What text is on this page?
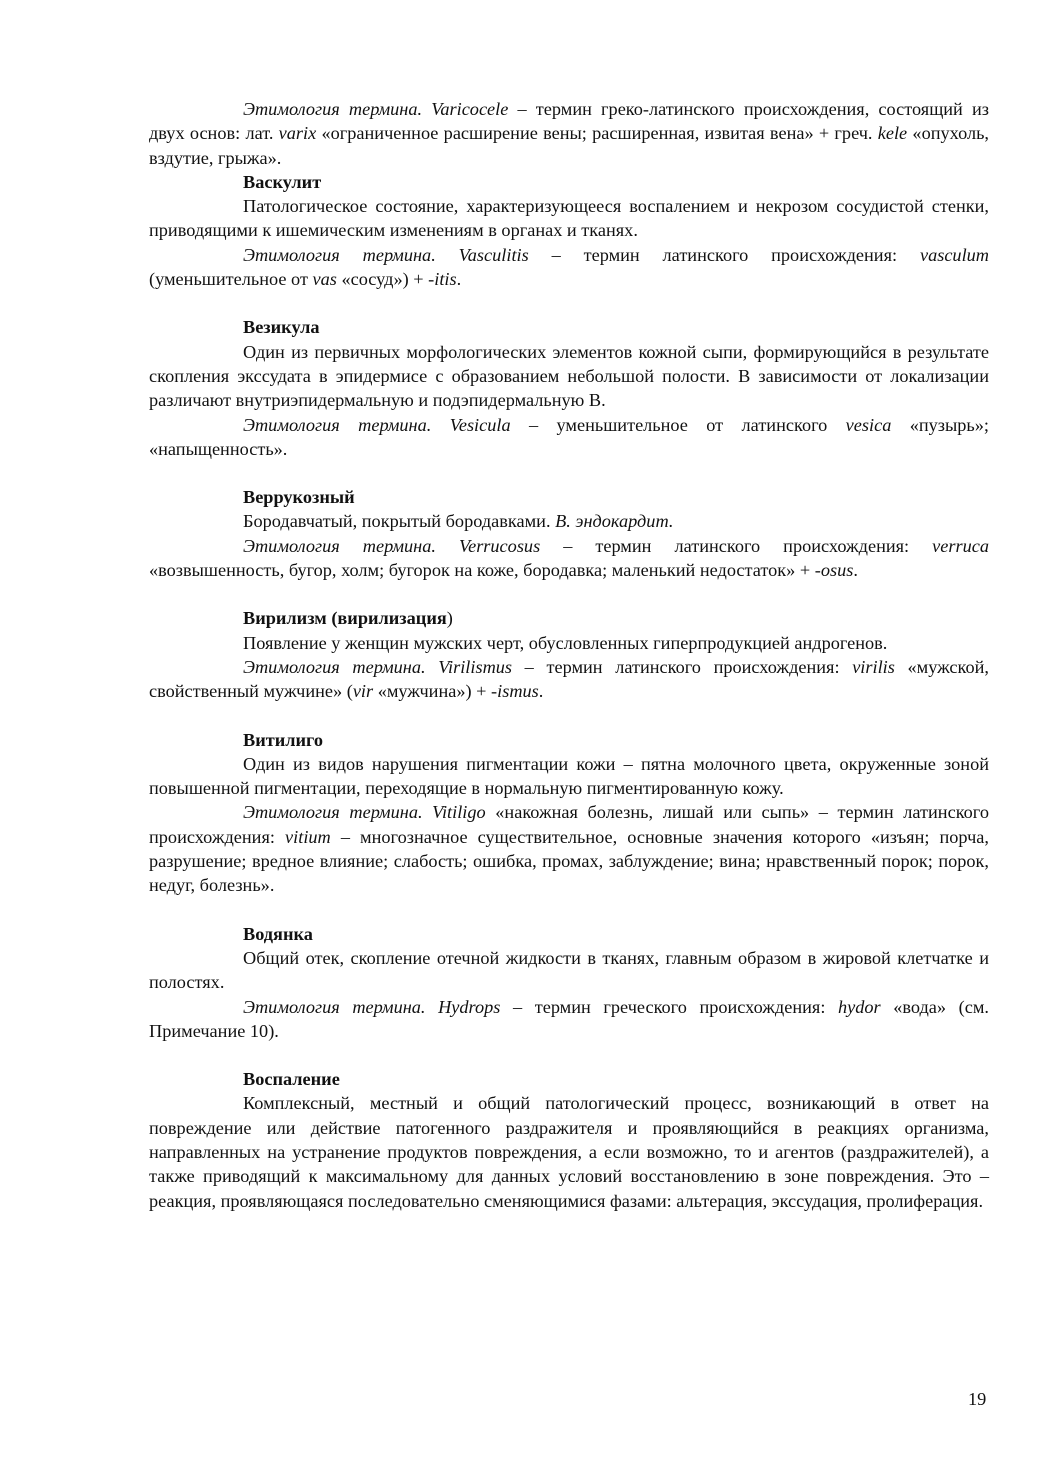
Этимология термина. Varicocele – термин греко-латинского происхождения, состоящий из двух основ: лат. varix «ограниченное расширение вены; расширенная, извитая вена» + греч. kele «опухоль, вздутие, грыжа».

Васкулит

Патологическое состояние, характеризующееся воспалением и некрозом сосудистой стенки, приводящими к ишемическим изменениям в органах и тканях.

Этимология термина. Vasculitis – термин латинского происхождения: vasculum (уменьшительное от vas «сосуд») + -itis.

Везикула

Один из первичных морфологических элементов кожной сыпи, формирующийся в результате скопления экссудата в эпидермисе с образованием небольшой полости. В зависимости от локализации различают внутриэпидермальную и подэпидермальную В.

Этимология термина. Vesicula – уменьшительное от латинского vesica «пузырь»; «напыщенность».

Веррукозный

Бородавчатый, покрытый бородавками. В. эндокардит.

Этимология термина. Verrucosus – термин латинского происхождения: verruca «возвышенность, бугор, холм; бугорок на коже, бородавка; маленький недостаток» + -osus.

Вирилизм (вирилизация)

Появление у женщин мужских черт, обусловленных гиперпродукцией андрогенов.

Этимология термина. Virilismus – термин латинского происхождения: virilis «мужской, свойственный мужчине» (vir «мужчина») + -ismus.

Витилиго

Один из видов нарушения пигментации кожи – пятна молочного цвета, окруженные зоной повышенной пигментации, переходящие в нормальную пигментированную кожу.

Этимология термина. Vitiligo «накожная болезнь, лишай или сыпь» – термин латинского происхождения: vitium – многозначное существительное, основные значения которого «изъян; порча, разрушение; вредное влияние; слабость; ошибка, промах, заблуждение; вина; нравственный порок; порок, недуг, болезнь».

Водянка

Общий отек, скопление отечной жидкости в тканях, главным образом в жировой клетчатке и полостях.

Этимология термина. Hydrops – термин греческого происхождения: hydor «вода» (см. Примечание 10).

Воспаление

Комплексный, местный и общий патологический процесс, возникающий в ответ на повреждение или действие патогенного раздражителя и проявляющийся в реакциях организма, направленных на устранение продуктов повреждения, а если возможно, то и агентов (раздражителей), а также приводящий к максимальному для данных условий восстановлению в зоне повреждения. Это – реакция, проявляющаяся последовательно сменяющимися фазами: альтерация, экссудация, пролиферация.

19
